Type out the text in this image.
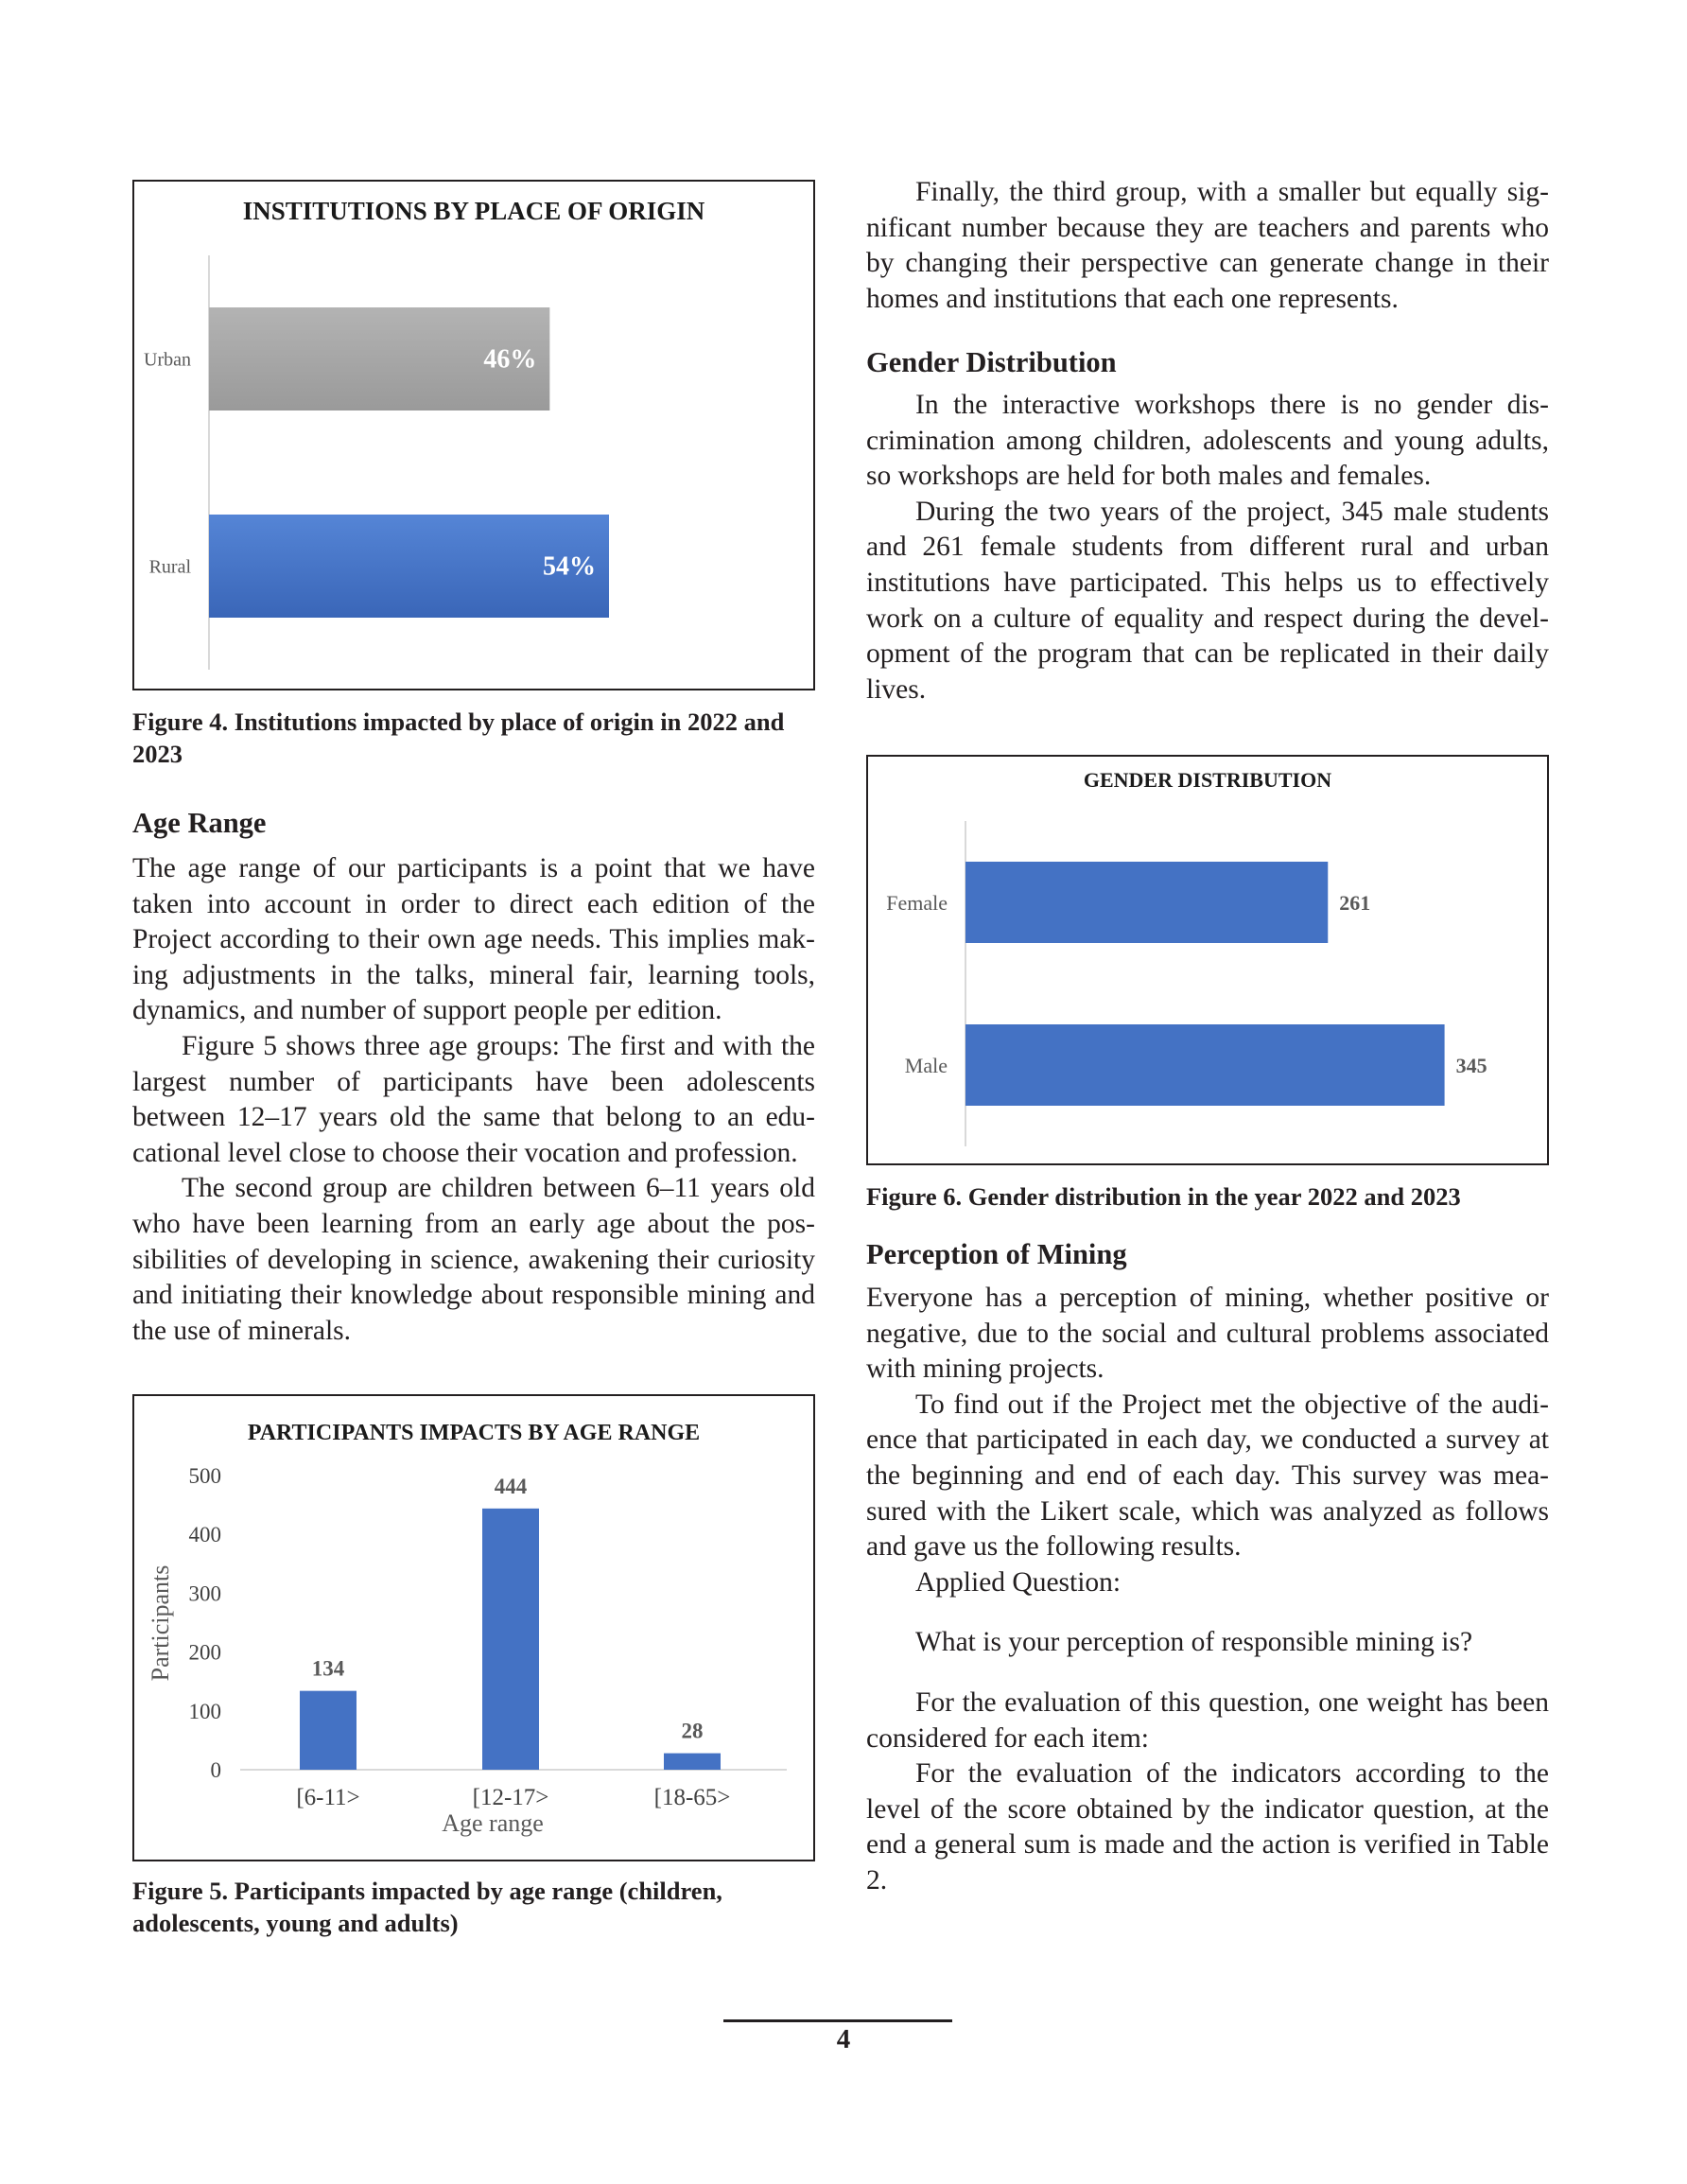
INSTITUTIONS BY PLACE OF ORIGIN
Urban	46%
Rural	54%

Figure 4. Institutions impacted by place of origin in 2022 and 2023

Age Range

The age range of our participants is a point that we have taken into account in order to direct each edition of the Project according to their own age needs. This implies making adjustments in the talks, mineral fair, learning tools, dynamics, and number of support people per edition.

Figure 5 shows three age groups: The first and with the largest number of participants have been adolescents between 12–17 years old the same that belong to an educational level close to choose their vocation and profession.

The second group are children between 6–11 years old who have been learning from an early age about the possibilities of developing in science, awakening their curiosity and initiating their knowledge about responsible mining and the use of minerals.

PARTICIPANTS IMPACTS BY AGE RANGE
Participants
Age range
0
100
200
300
400
500
134
[6-11>
444
[12-17>
28
[18-65>

Figure 5. Participants impacted by age range (children, adolescents, young and adults)

Finally, the third group, with a smaller but equally significant number because they are teachers and parents who by changing their perspective can generate change in their homes and institutions that each one represents.

Gender Distribution

In the interactive workshops there is no gender discrimination among children, adolescents and young adults, so workshops are held for both males and females.

During the two years of the project, 345 male students and 261 female students from different rural and urban institutions have participated. This helps us to effectively work on a culture of equality and respect during the development of the program that can be replicated in their daily lives.

GENDER DISTRIBUTION
Female	261
Male	345

Figure 6. Gender distribution in the year 2022 and 2023

Perception of Mining

Everyone has a perception of mining, whether positive or negative, due to the social and cultural problems associated with mining projects.

To find out if the Project met the objective of the audience that participated in each day, we conducted a survey at the beginning and end of each day. This survey was measured with the Likert scale, which was analyzed as follows and gave us the following results.

Applied Question:

What is your perception of responsible mining is?

For the evaluation of this question, one weight has been considered for each item:

For the evaluation of the indicators according to the level of the score obtained by the indicator question, at the end a general sum is made and the action is verified in Table 2.

4
